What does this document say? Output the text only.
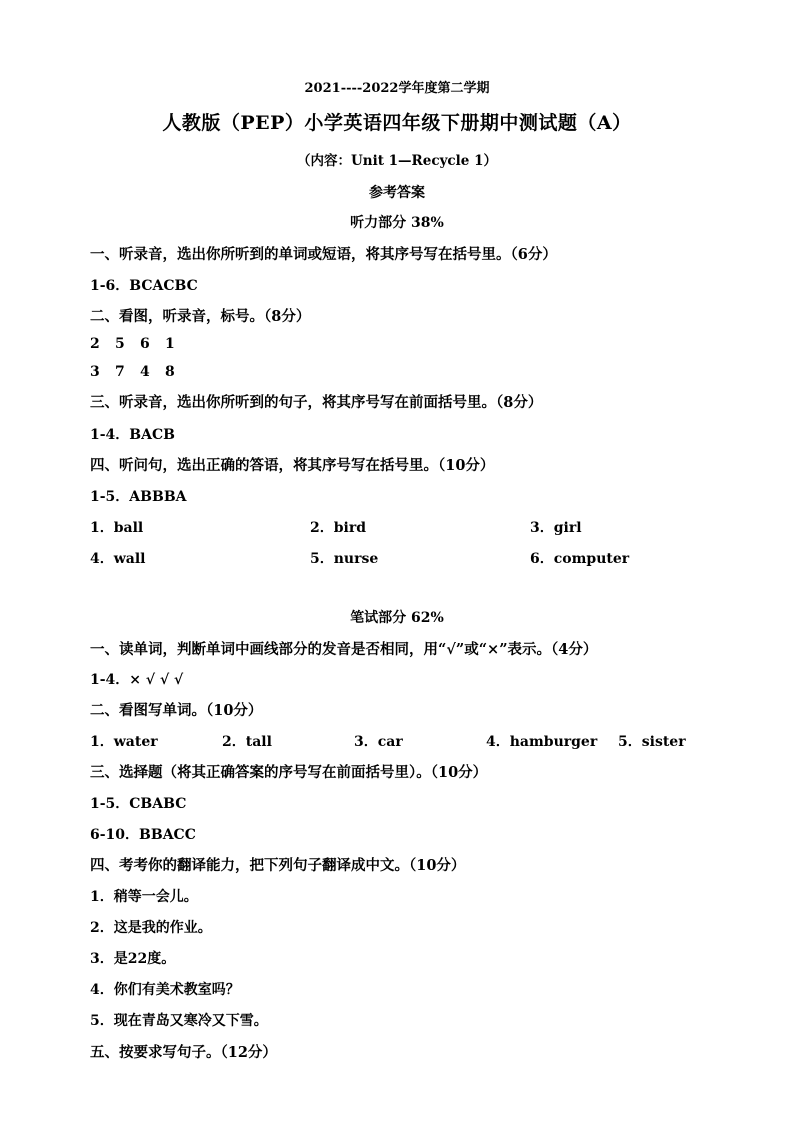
2021----2022学年度第二学期
人教版（PEP）小学英语四年级下册期中测试题（A）
（内容：Unit 1—Recycle 1）
参考答案
听力部分 38%
一、听录音，选出你所听到的单词或短语，将其序号写在括号里。（6分）
1-6．BCACBC
二、看图，听录音，标号。（8分）
2 5 6 1
3 7 4 8
三、听录音，选出你所听到的句子，将其序号写在前面括号里。（8分）
1-4．BACB
四、听问句，选出正确的答语，将其序号写在括号里。（10分）
1-5．ABBBA
1．ball	2．bird	3．girl
4．wall	5．nurse	6．computer
笔试部分 62%
一、读单词，判断单词中画线部分的发音是否相同，用“√”或“×”表示。（4分）
1-4．× √ √ √
二、看图写单词。（10分）
1．water	2．tall	3．car	4．hamburger 5．sister
三、选择题（将其正确答案的序号写在前面括号里）。（10分）
1-5．CBABC
6-10．BBACC
四、考考你的翻译能力，把下列句子翻译成中文。（10分）
1．稍等一会儿。
2．这是我的作业。
3．是22度。
4．你们有美术教室吗？
5．现在青岛又寒冷又下雪。
五、按要求写句子。（12分）
